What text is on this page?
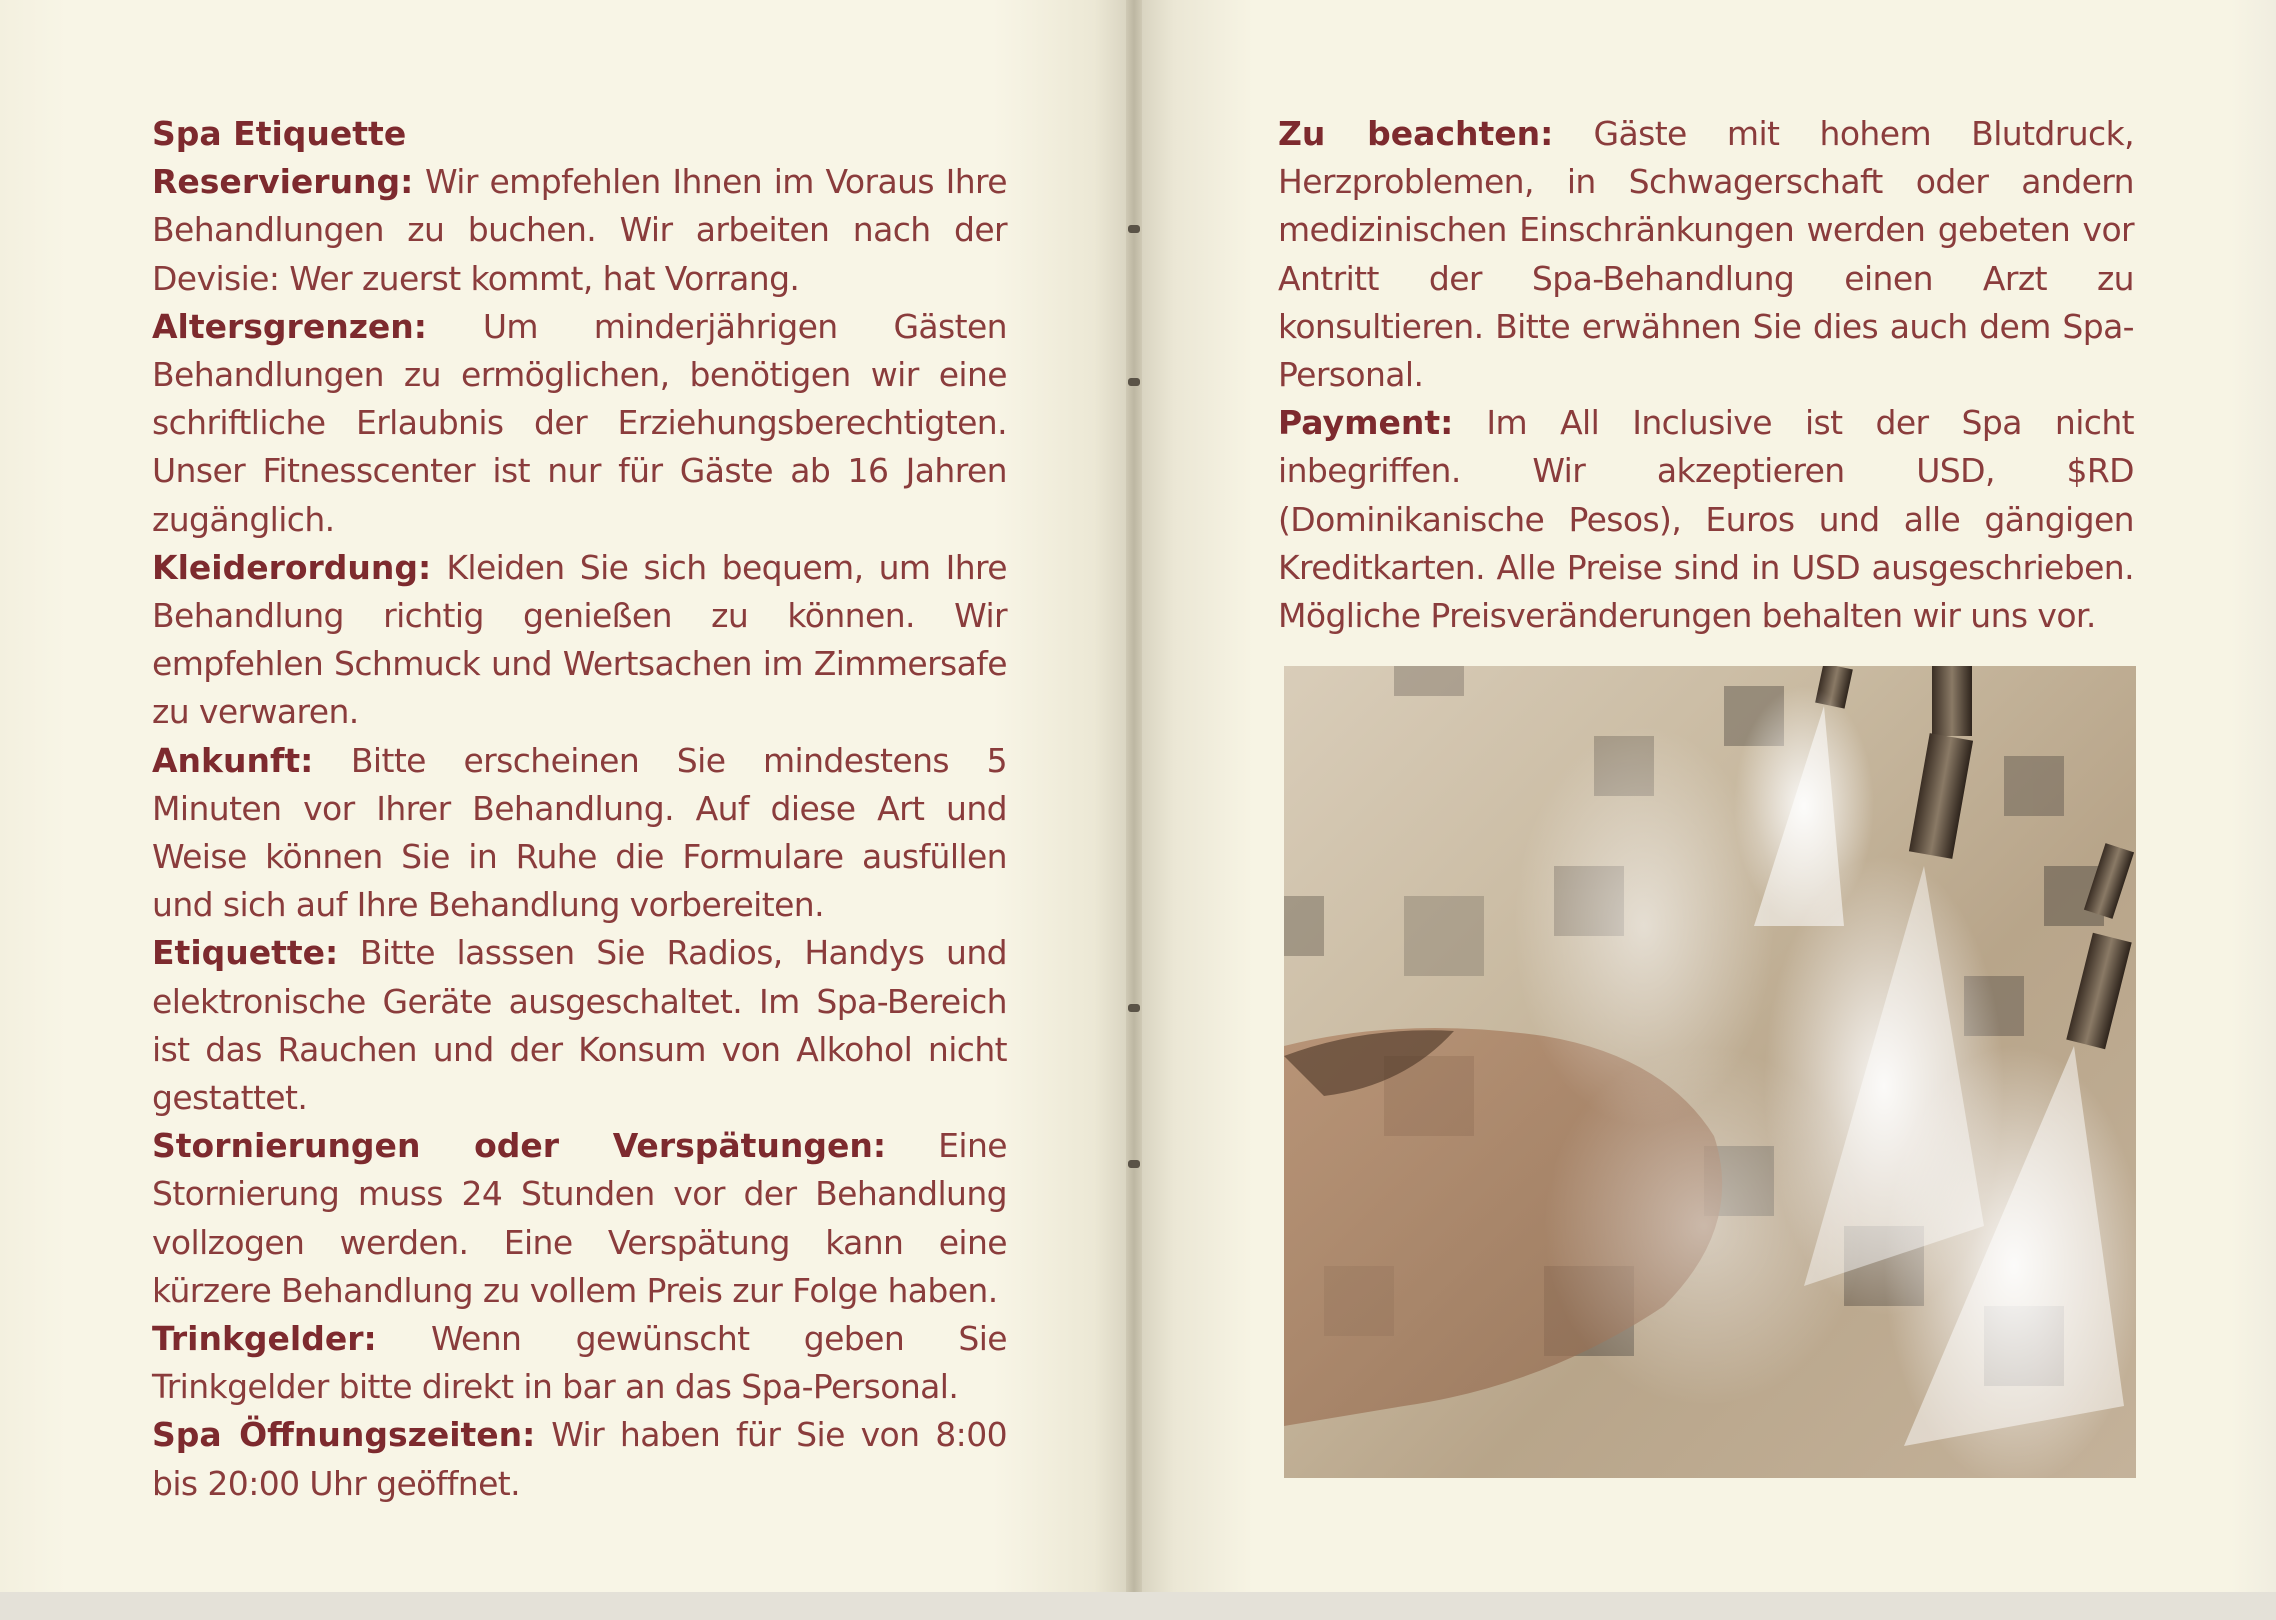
Spa Etiquette

Reservierung: Wir empfehlen Ihnen im Voraus Ihre Behandlungen zu buchen. Wir arbeiten nach der Devisie: Wer zuerst kommt, hat Vorrang.

Altersgrenzen: Um minderjährigen Gästen Behandlungen zu ermöglichen, benötigen wir eine schriftliche Erlaubnis der Erziehungsberechtigten. Unser Fitnesscenter ist nur für Gäste ab 16 Jahren zugänglich.

Kleiderordung: Kleiden Sie sich bequem, um Ihre Behandlung richtig genießen zu können. Wir empfehlen Schmuck und Wertsachen im Zimmersafe zu verwaren.

Ankunft: Bitte erscheinen Sie mindestens 5 Minuten vor Ihrer Behandlung. Auf diese Art und Weise können Sie in Ruhe die Formulare ausfüllen und sich auf Ihre Behandlung vorbereiten.

Etiquette: Bitte lasssen Sie Radios, Handys und elektronische Geräte ausgeschaltet. Im Spa-Bereich ist das Rauchen und der Konsum von Alkohol nicht gestattet.

Stornierungen oder Verspätungen: Eine Stornierung muss 24 Stunden vor der Behandlung vollzogen werden. Eine Verspätung kann eine kürzere Behandlung zu vollem Preis zur Folge haben.

Trinkgelder: Wenn gewünscht geben Sie Trinkgelder bitte direkt in bar an das Spa-Personal.

Spa Öffnungszeiten: Wir haben für Sie von 8:00 bis 20:00 Uhr geöffnet.

Zu beachten: Gäste mit hohem Blutdruck, Herzproblemen, in Schwagerschaft oder andern medizinischen Einschränkungen werden gebeten vor Antritt der Spa-Behandlung einen Arzt zu konsultieren. Bitte erwähnen Sie dies auch dem Spa-Personal.

Payment: Im All Inclusive ist der Spa nicht inbegriffen. Wir akzeptieren USD, $RD (Dominikanische Pesos), Euros und alle gängigen Kreditkarten. Alle Preise sind in USD ausgeschrieben. Mögliche Preisveränderungen behalten wir uns vor.
